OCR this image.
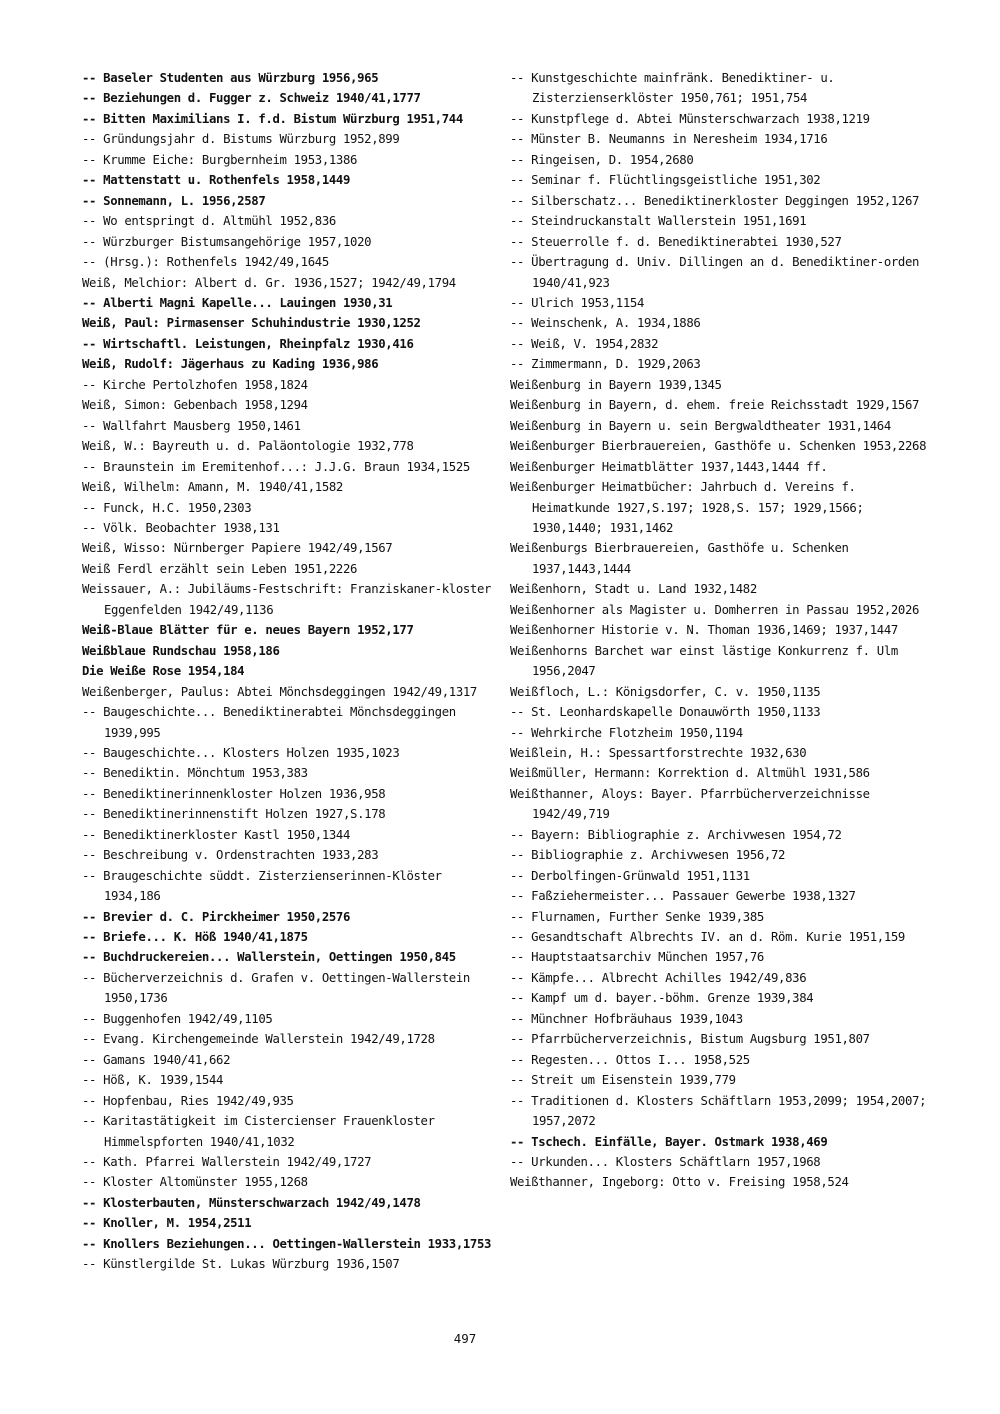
-- Baseler Studenten aus Würzburg 1956,965
-- Beziehungen d. Fugger z. Schweiz 1940/41,1777
-- Bitten Maximilians I. f.d. Bistum Würzburg 1951,744
-- Gründungsjahr d. Bistums Würzburg 1952,899
-- Krumme Eiche: Burgbernheim 1953,1386
-- Mattenstatt u. Rothenfels 1958,1449
-- Sonnemann, L. 1956,2587
-- Wo entspringt d. Altmühl 1952,836
-- Würzburger Bistumsangehörige 1957,1020
-- (Hrsg.): Rothenfels 1942/49,1645
Weiß, Melchior: Albert d. Gr. 1936,1527; 1942/49,1794
-- Alberti Magni Kapelle... Lauingen 1930,31
Weiß, Paul: Pirmasenser Schuhindustrie 1930,1252
-- Wirtschaftl. Leistungen, Rheinpfalz 1930,416
Weiß, Rudolf: Jägerhaus zu Kading 1936,986
-- Kirche Pertolzhofen 1958,1824
Weiß, Simon: Gebenbach 1958,1294
-- Wallfahrt Mausberg 1950,1461
Weiß, W.: Bayreuth u. d. Paläontologie 1932,778
-- Braunstein im Eremitenhof...: J.J.G. Braun 1934,1525
Weiß, Wilhelm: Amann, M. 1940/41,1582
-- Funck, H.C. 1950,2303
-- Völk. Beobachter 1938,131
Weiß, Wisso: Nürnberger Papiere 1942/49,1567
Weiß Ferdl erzählt sein Leben 1951,2226
Weissauer, A.: Jubiläums-Festschrift: Franziskaner-kloster Eggenfelden 1942/49,1136
Weiß-Blaue Blätter für e. neues Bayern 1952,177
Weißblaue Rundschau 1958,186
Die Weiße Rose 1954,184
Weißenberger, Paulus: Abtei Mönchsdeggingen 1942/49,1317
-- Baugeschichte... Benediktinerabtei Mönchsdeggingen 1939,995
-- Baugeschichte... Klosters Holzen 1935,1023
-- Benediktin. Mönchtum 1953,383
-- Benediktinerinnenkloster Holzen 1936,958
-- Benediktinerinnenstift Holzen 1927,S.178
-- Benediktinerkloster Kastl 1950,1344
-- Beschreibung v. Ordenstrachten 1933,283
-- Braugeschichte süddt. Zisterzienserinnen-Klöster 1934,186
-- Brevier d. C. Pirckheimer 1950,2576
-- Briefe... K. Höß 1940/41,1875
-- Buchdruckereien... Wallerstein, Oettingen 1950,845
-- Bücherverzeichnis d. Grafen v. Oettingen-Wallerstein 1950,1736
-- Buggenhofen 1942/49,1105
-- Evang. Kirchengemeinde Wallerstein 1942/49,1728
-- Gamans 1940/41,662
-- Höß, K. 1939,1544
-- Hopfenbau, Ries 1942/49,935
-- Karitastätigkeit im Cistercienser Frauenkloster Himmelspforten 1940/41,1032
-- Kath. Pfarrei Wallerstein 1942/49,1727
-- Kloster Altomünster 1955,1268
-- Klosterbauten, Münsterschwarzach 1942/49,1478
-- Knoller, M. 1954,2511
-- Knollers Beziehungen... Oettingen-Wallerstein 1933,1753
-- Künstlergilde St. Lukas Würzburg 1936,1507
-- Kunstgeschichte mainfränk. Benediktiner- u. Zisterzienserklöster 1950,761; 1951,754
-- Kunstpflege d. Abtei Münsterschwarzach 1938,1219
-- Münster B. Neumanns in Neresheim 1934,1716
-- Ringeisen, D. 1954,2680
-- Seminar f. Flüchtlingsgeistliche 1951,302
-- Silberschatz... Benediktinerkloster Deggingen 1952,1267
-- Steindruckanstalt Wallerstein 1951,1691
-- Steuerrolle f. d. Benediktinerabtei 1930,527
-- Übertragung d. Univ. Dillingen an d. Benediktiner-orden 1940/41,923
-- Ulrich 1953,1154
-- Weinschenk, A. 1934,1886
-- Weiß, V. 1954,2832
-- Zimmermann, D. 1929,2063
Weißenburg in Bayern 1939,1345
Weißenburg in Bayern, d. ehem. freie Reichsstadt 1929,1567
Weißenburg in Bayern u. sein Bergwaldtheater 1931,1464
Weißenburger Bierbrauereien, Gasthöfe u. Schenken 1953,2268
Weißenburger Heimatblätter 1937,1443,1444 ff.
Weißenburger Heimatbücher: Jahrbuch d. Vereins f. Heimatkunde 1927,S.197; 1928,S. 157; 1929,1566; 1930,1440; 1931,1462
Weißenburgs Bierbrauereien, Gasthöfe u. Schenken 1937,1443,1444
Weißenhorn, Stadt u. Land 1932,1482
Weißenhorner als Magister u. Domherren in Passau 1952,2026
Weißenhorner Historie v. N. Thoman 1936,1469; 1937,1447
Weißenhorns Barchet war einst lästige Konkurrenz f. Ulm 1956,2047
Weißfloch, L.: Königsdorfer, C. v. 1950,1135
-- St. Leonhardskapelle Donauwörth 1950,1133
-- Wehrkirche Flotzheim 1950,1194
Weißlein, H.: Spessartforstrechte 1932,630
Weißmüller, Hermann: Korrektion d. Altmühl 1931,586
Weißthanner, Aloys: Bayer. Pfarrbücherverzeichnisse 1942/49,719
-- Bayern: Bibliographie z. Archivwesen 1954,72
-- Bibliographie z. Archivwesen 1956,72
-- Derbolfingen-Grünwald 1951,1131
-- Faßziehermeister... Passauer Gewerbe 1938,1327
-- Flurnamen, Further Senke 1939,385
-- Gesandtschaft Albrechts IV. an d. Röm. Kurie 1951,159
-- Hauptstaatsarchiv München 1957,76
-- Kämpfe... Albrecht Achilles 1942/49,836
-- Kampf um d. bayer.-böhm. Grenze 1939,384
-- Münchner Hofbräuhaus 1939,1043
-- Pfarrbücherverzeichnis, Bistum Augsburg 1951,807
-- Regesten... Ottos I... 1958,525
-- Streit um Eisenstein 1939,779
-- Traditionen d. Klosters Schäftlarn 1953,2099; 1954,2007; 1957,2072
-- Tschech. Einfälle, Bayer. Ostmark 1938,469
-- Urkunden... Klosters Schäftlarn 1957,1968
Weißthanner, Ingeborg: Otto v. Freising 1958,524
497
